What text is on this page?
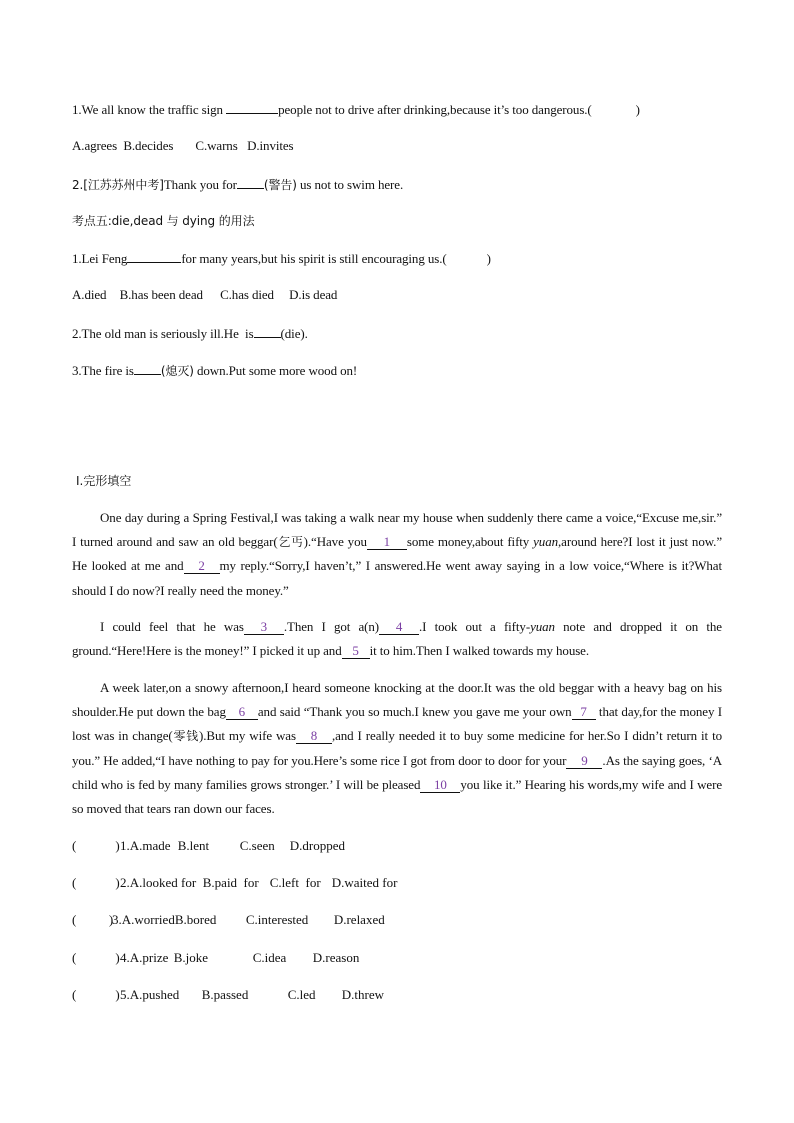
1.We all know the traffic sign	people not to drive after drinking,because it’s too dangerous.(	)
A.agrees  B.decides       C.warns   D.invites
2.[江苏苏州中考]Thank you for (警告) us not to swim here.
考点五:die,dead 与 dying 的用法
1.Lei Feng	for many years,but his spirit is still encouraging us.(	)
A.died B.has been dead C.has died D.is dead
2.The old man is seriously ill.He  is (die).
3.The fire is (熄灭) down.Put some more wood on!
Ⅰ.完形填空
One day during a Spring Festival,I was taking a walk near my house when suddenly there came a voice,“Excuse me,sir.” I turned around and saw an old beggar(乞丐).“Have you 1 some money,about fifty yuan,around here?I lost it just now.” He looked at me and 2 my reply.“Sorry,I haven’t,” I answered.He went away saying in a low voice,“Where is it?What should I do now?I really need the money.”
I could feel that he was 3 .Then I got a(n) 4 .I took out a fifty-yuan note and dropped it on the ground.“Here!Here is the money!” I picked it up and 5 it to him.Then I walked towards my house.
A week later,on a snowy afternoon,I heard someone knocking at the door.It was the old beggar with a heavy bag on his shoulder.He put down the bag 6 and said “Thank you so much.I knew you gave me your own 7 that day,for the money I lost was in change(零钱).But my wife was 8 ,and I really needed it to buy some medicine for her.So I didn’t return it to you.” He added,“I have nothing to pay for you.Here’s some rice I got from door to door for your 9 .As the saying goes, ‘A child who is fed by many families grows stronger.’ I will be pleased 10 you like it.” Hearing his words,my wife and I were so moved that tears ran down our faces.
(            )1.A.made B.lent C.seen D.dropped
(            )2.A.looked for B.paid  for C.left  for D.waited for
(          )3.A.worriedB.bored C.interested D.relaxed
(            )4.A.prize B.joke	C.idea D.reason
(            )5.A.pushed B.passed	C.led D.threw
